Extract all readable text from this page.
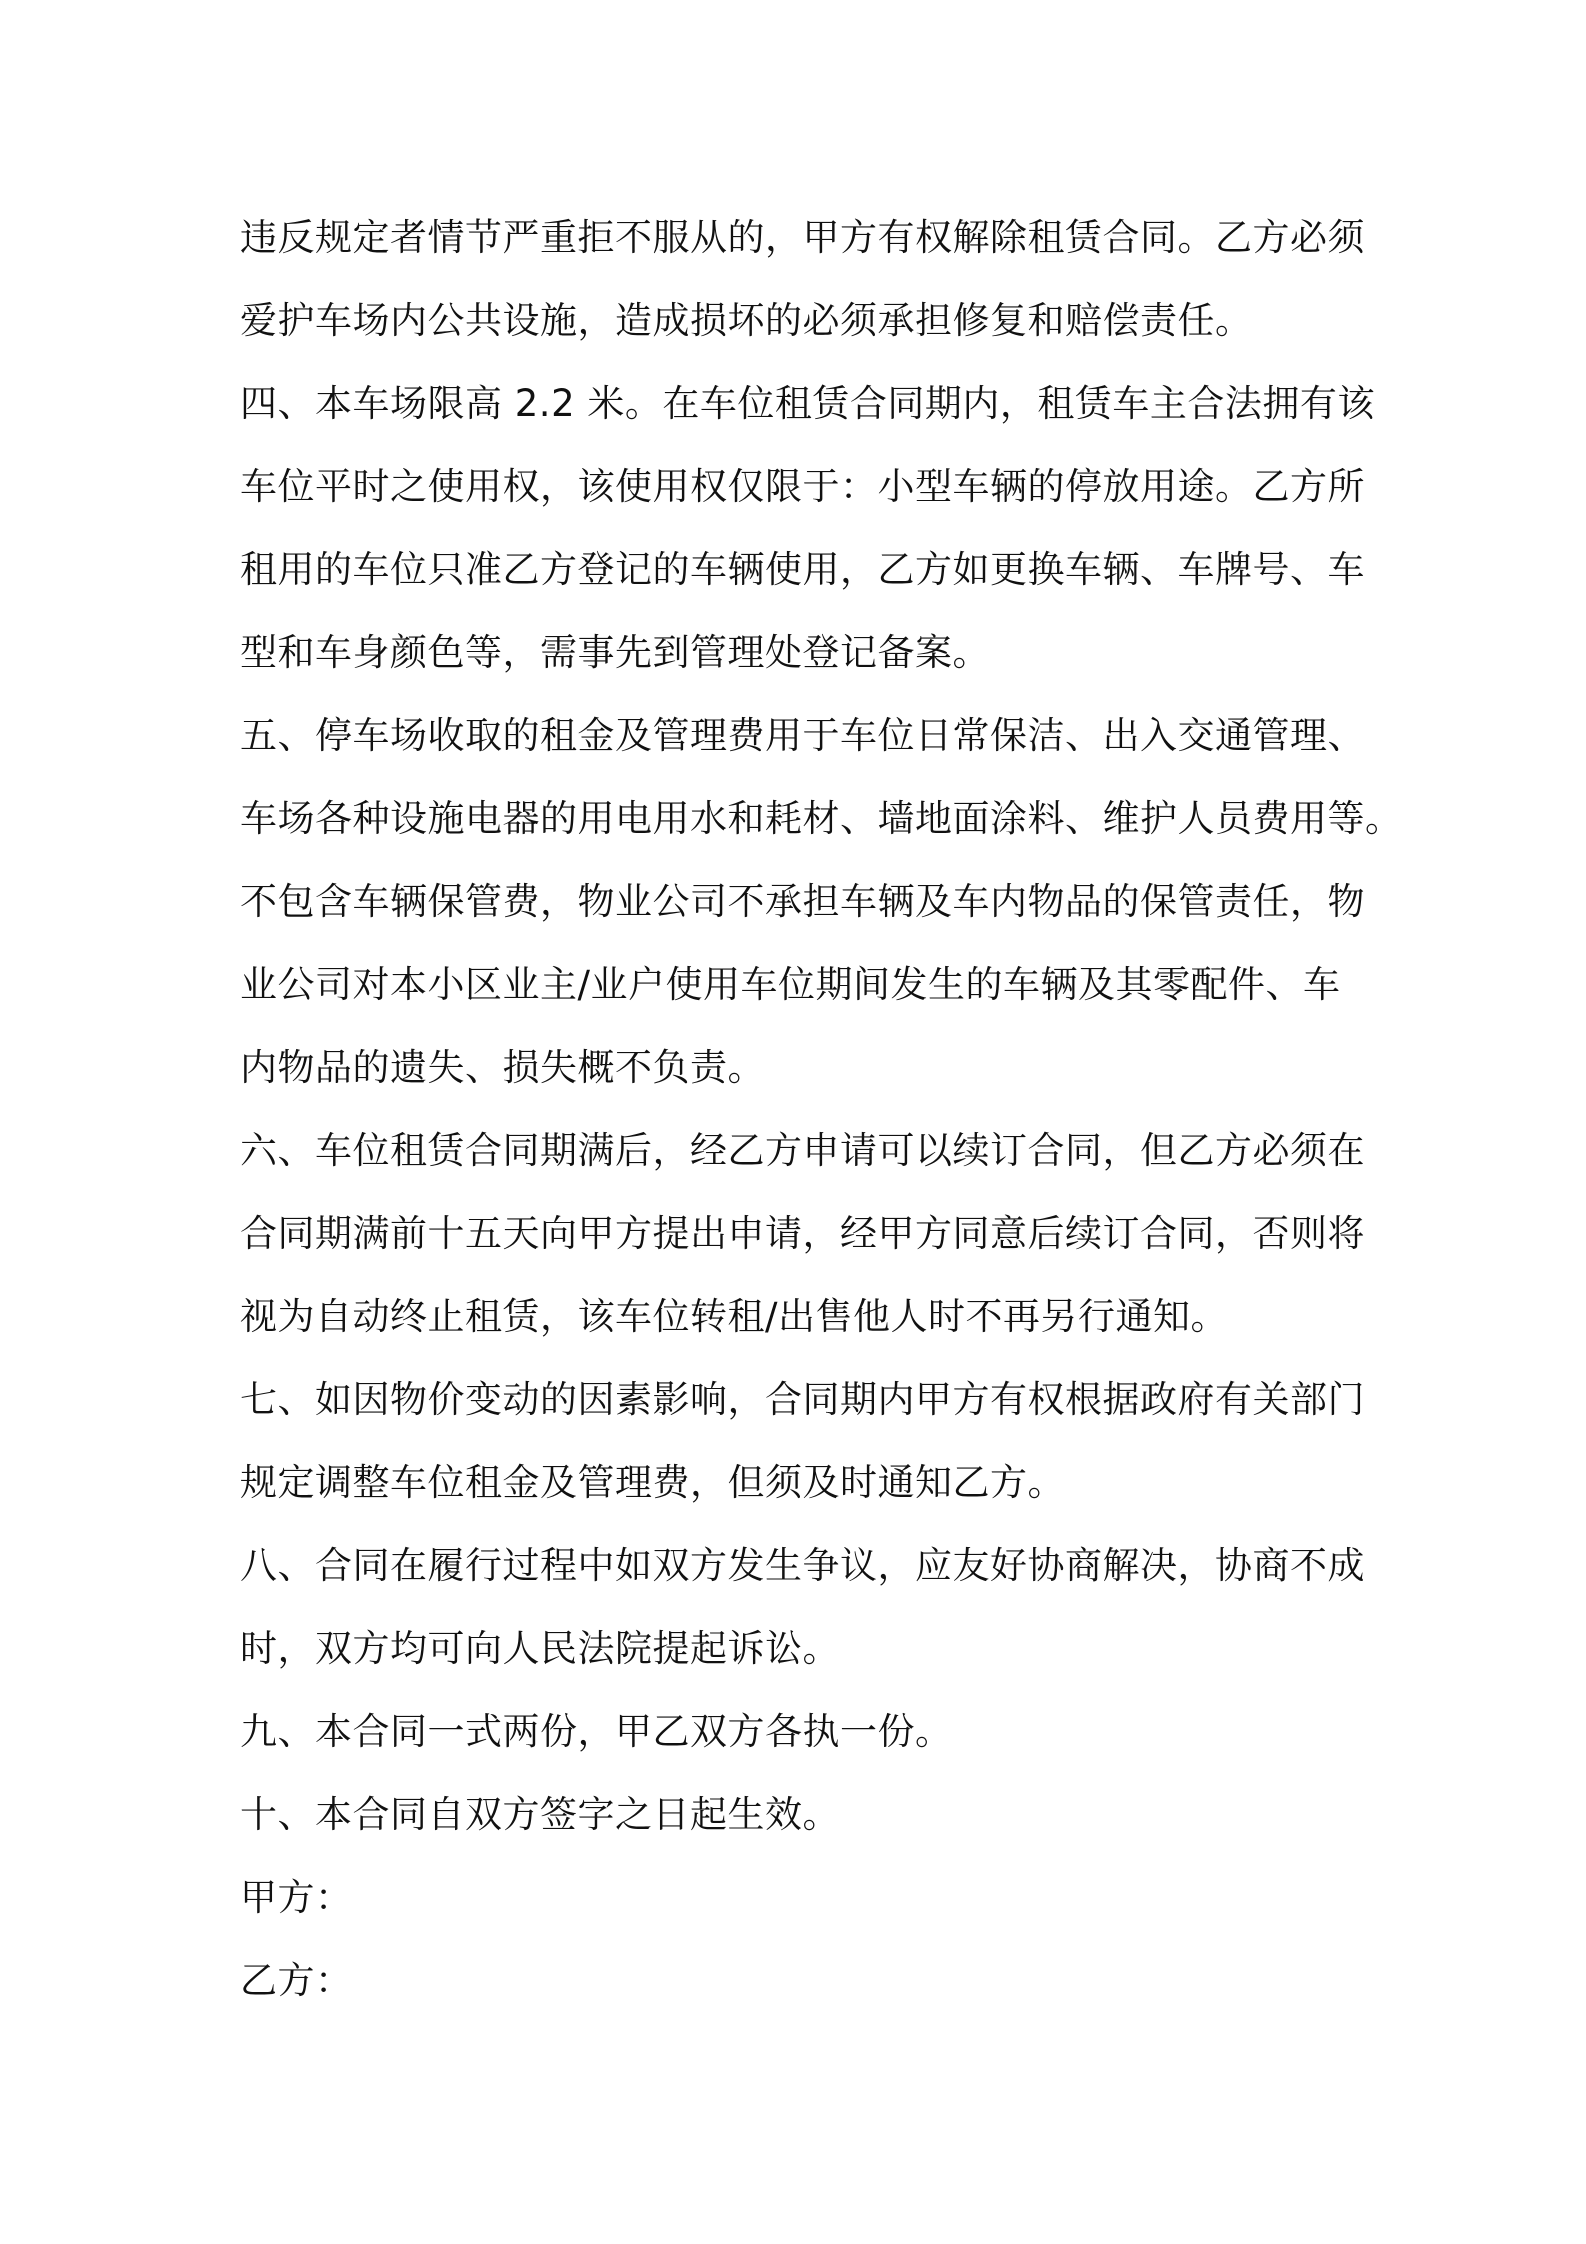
违反规定者情节严重拒不服从的，甲方有权解除租赁合同。乙方必须
爱护车场内公共设施，造成损坏的必须承担修复和赔偿责任。
四、本车场限高 2.2 米。在车位租赁合同期内，租赁车主合法拥有该
车位平时之使用权，该使用权仅限于：小型车辆的停放用途。乙方所
租用的车位只准乙方登记的车辆使用，乙方如更换车辆、车牌号、车
型和车身颜色等，需事先到管理处登记备案。
五、停车场收取的租金及管理费用于车位日常保洁、出入交通管理、
车场各种设施电器的用电用水和耗材、墙地面涂料、维护人员费用等。
不包含车辆保管费，物业公司不承担车辆及车内物品的保管责任，物
业公司对本小区业主/业户使用车位期间发生的车辆及其零配件、车
内物品的遗失、损失概不负责。
六、车位租赁合同期满后，经乙方申请可以续订合同，但乙方必须在
合同期满前十五天向甲方提出申请，经甲方同意后续订合同，否则将
视为自动终止租赁，该车位转租/出售他人时不再另行通知。
七、如因物价变动的因素影响，合同期内甲方有权根据政府有关部门
规定调整车位租金及管理费，但须及时通知乙方。
八、合同在履行过程中如双方发生争议，应友好协商解决，协商不成
时，双方均可向人民法院提起诉讼。
九、本合同一式两份，甲乙双方各执一份。
十、本合同自双方签字之日起生效。
甲方：
乙方：
